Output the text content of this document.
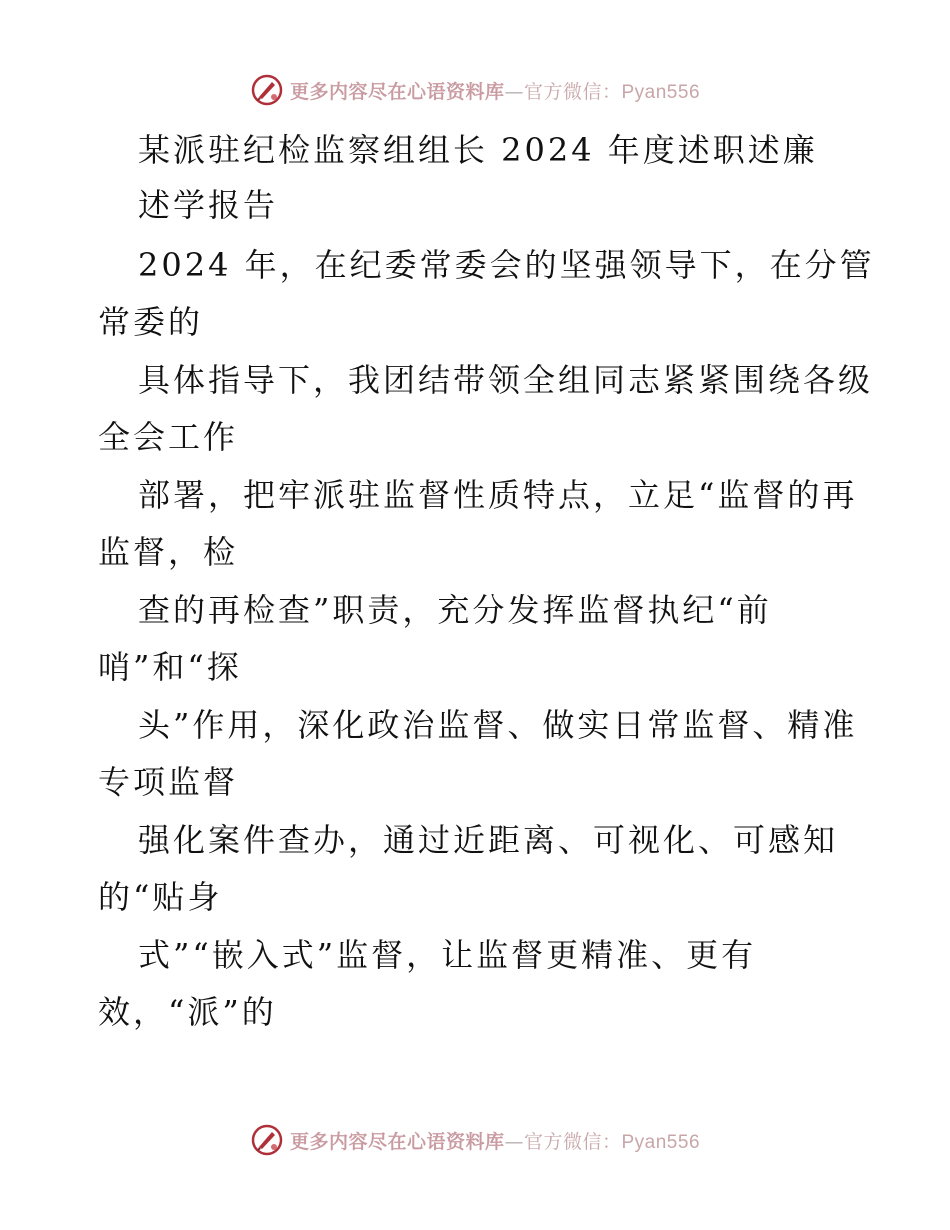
更多内容尽在心语资料库—官方微信：Pyan556
某派驻纪检监察组组长 2024 年度述职述廉
述学报告
2024 年，在纪委常委会的坚强领导下，在分管
常委的
具体指导下，我团结带领全组同志紧紧围绕各级
全会工作
部署，把牢派驻监督性质特点，立足“监督的再
监督，检
查的再检查”职责，充分发挥监督执纪“前
哨”和“探
头”作用，深化政治监督、做实日常监督、精准
专项监督
强化案件查办，通过近距离、可视化、可感知
的“贴身
式”“嵌入式”监督，让监督更精准、更有
效，“派”的
更多内容尽在心语资料库—官方微信：Pyan556
